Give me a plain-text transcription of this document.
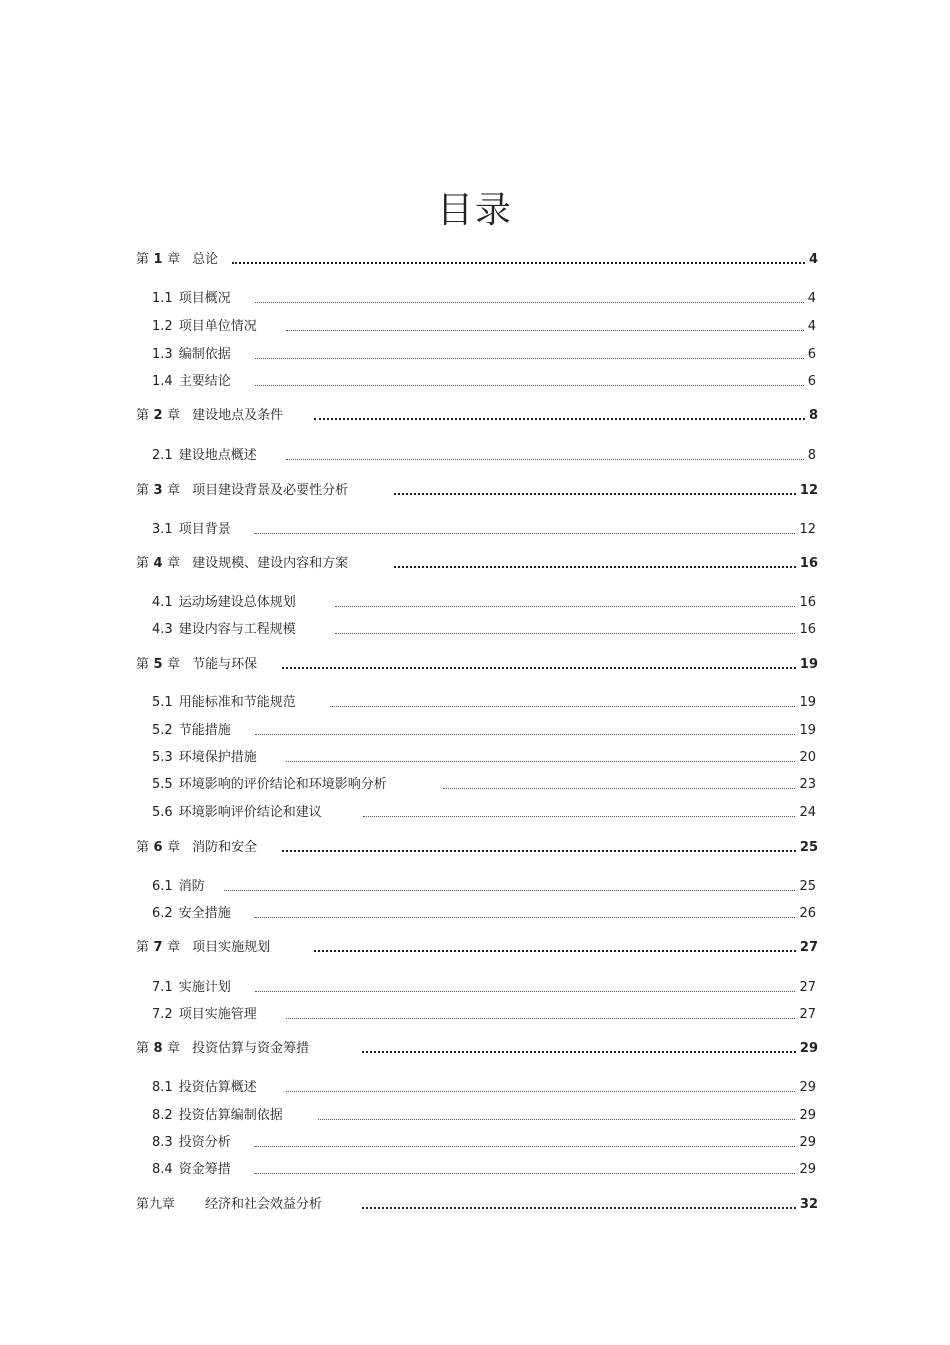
目录
第 1 章 总论	4
1.1 项目概况	4
1.2 项目单位情况	4
1.3 编制依据	6
1.4 主要结论	6
第 2 章 建设地点及条件	8
2.1 建设地点概述	8
第 3 章 项目建设背景及必要性分析	12
3.1 项目背景	12
第 4 章 建设规模、建设内容和方案	16
4.1 运动场建设总体规划	16
4.3 建设内容与工程规模	16
第 5 章 节能与环保	19
5.1 用能标准和节能规范	19
5.2 节能措施	19
5.3 环境保护措施	20
5.5 环境影响的评价结论和环境影响分析	23
5.6 环境影响评价结论和建议	24
第 6 章 消防和安全	25
6.1 消防	25
6.2 安全措施	26
第 7 章 项目实施规划	27
7.1 实施计划	27
7.2 项目实施管理	27
第 8 章 投资估算与资金筹措	29
8.1 投资估算概述	29
8.2 投资估算编制依据	29
8.3 投资分析	29
8.4 资金筹措	29
第九章 经济和社会效益分析	32
